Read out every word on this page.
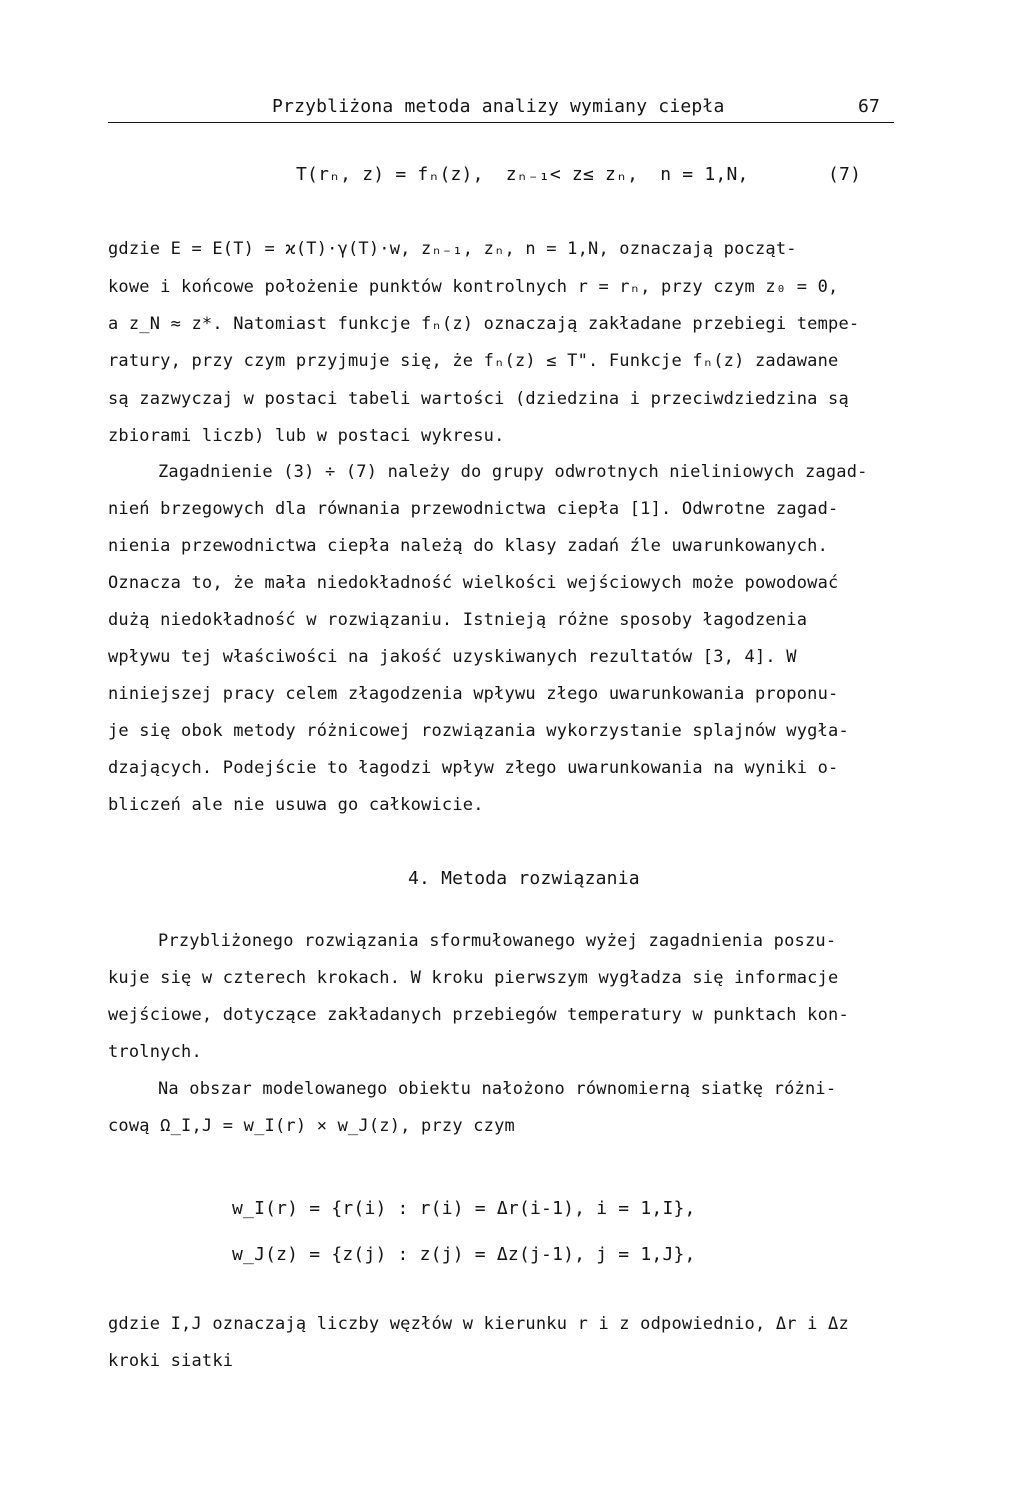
Przybliżona metoda analizy wymiany ciepła	67
T(rₙ, z) = fₙ(z),  zₙ₋₁< z≤ zₙ,  n = 1,N,	(7)
gdzie E = E(T) = ϰ(T)·γ(T)·w, zₙ₋₁, zₙ, n = 1,N, oznaczają począt-
kowe i końcowe położenie punktów kontrolnych r = rₙ, przy czym z₀ = 0,
a z_N ≈ z*. Natomiast funkcje fₙ(z) oznaczają zakładane przebiegi tempe-
ratury, przy czym przyjmuje się, że fₙ(z) ≤ T". Funkcje fₙ(z) zadawane
są zazwyczaj w postaci tabeli wartości (dziedzina i przeciwdziedzina są
zbiorami liczb) lub w postaci wykresu.
Zagadnienie (3) ÷ (7) należy do grupy odwrotnych nieliniowych zagad-
nień brzegowych dla równania przewodnictwa ciepła [1]. Odwrotne zagad-
nienia przewodnictwa ciepła należą do klasy zadań źle uwarunkowanych.
Oznacza to, że mała niedokładność wielkości wejściowych może powodować
dużą niedokładność w rozwiązaniu. Istnieją różne sposoby łagodzenia
wpływu tej właściwości na jakość uzyskiwanych rezultatów [3, 4]. W
niniejszej pracy celem złagodzenia wpływu złego uwarunkowania proponu-
je się obok metody różnicowej rozwiązania wykorzystanie splajnów wygła-
dzających. Podejście to łagodzi wpływ złego uwarunkowania na wyniki o-
bliczeń ale nie usuwa go całkowicie.
4. Metoda rozwiązania
Przybliżonego rozwiązania sformułowanego wyżej zagadnienia poszu-
kuje się w czterech krokach. W kroku pierwszym wygładza się informacje
wejściowe, dotyczące zakładanych przebiegów temperatury w punktach kon-
trolnych.
Na obszar modelowanego obiektu nałożono równomierną siatkę różni-
cową Ω_I,J = w_I(r) × w_J(z), przy czym
w_I(r) = {r(i) : r(i) = Δr(i-1), i = 1,I},
w_J(z) = {z(j) : z(j) = Δz(j-1), j = 1,J},
gdzie I,J oznaczają liczby węzłów w kierunku r i z odpowiednio, Δr i Δz
kroki siatki
